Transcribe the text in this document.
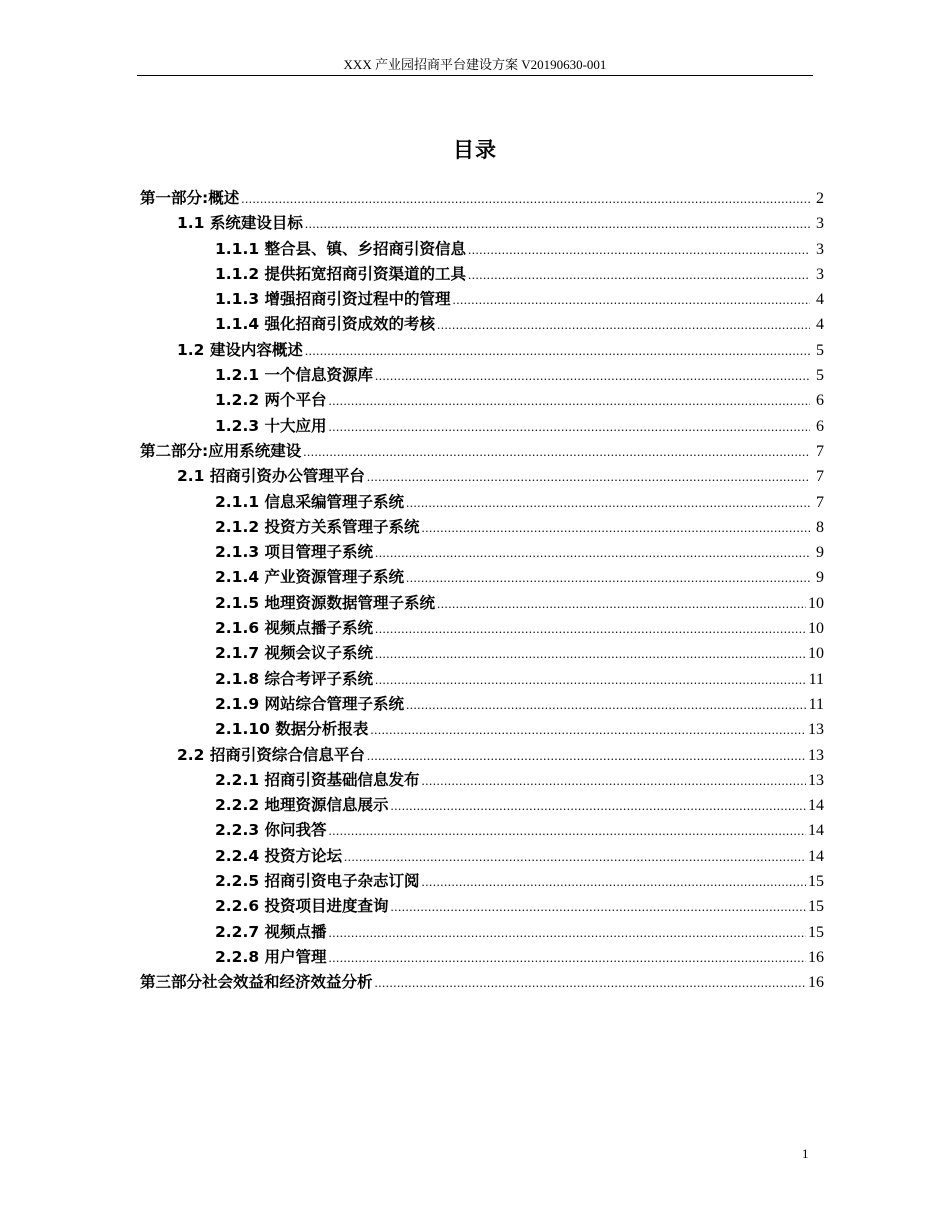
XXX 产业园招商平台建设方案 V20190630-001
目录
第一部分:概述 .....	2
1.1 系统建设目标 .....	3
1.1.1 整合县、镇、乡招商引资信息 .....	3
1.1.2 提供拓宽招商引资渠道的工具 .....	3
1.1.3 增强招商引资过程中的管理 .....	4
1.1.4 强化招商引资成效的考核 .....	4
1.2 建设内容概述 .....	5
1.2.1 一个信息资源库 .....	5
1.2.2 两个平台 .....	6
1.2.3 十大应用 .....	6
第二部分:应用系统建设 .....	7
2.1 招商引资办公管理平台 .....	7
2.1.1 信息采编管理子系统 .....	7
2.1.2 投资方关系管理子系统 .....	8
2.1.3 项目管理子系统 .....	9
2.1.4 产业资源管理子系统 .....	9
2.1.5 地理资源数据管理子系统 .....	10
2.1.6 视频点播子系统 .....	10
2.1.7 视频会议子系统 .....	10
2.1.8 综合考评子系统 .....	11
2.1.9 网站综合管理子系统 .....	11
2.1.10 数据分析报表 .....	13
2.2 招商引资综合信息平台 .....	13
2.2.1 招商引资基础信息发布 .....	13
2.2.2 地理资源信息展示 .....	14
2.2.3 你问我答 .....	14
2.2.4 投资方论坛 .....	14
2.2.5 招商引资电子杂志订阅 .....	15
2.2.6 投资项目进度查询 .....	15
2.2.7 视频点播 .....	15
2.2.8 用户管理 .....	16
第三部分社会效益和经济效益分析 .....	16
1
